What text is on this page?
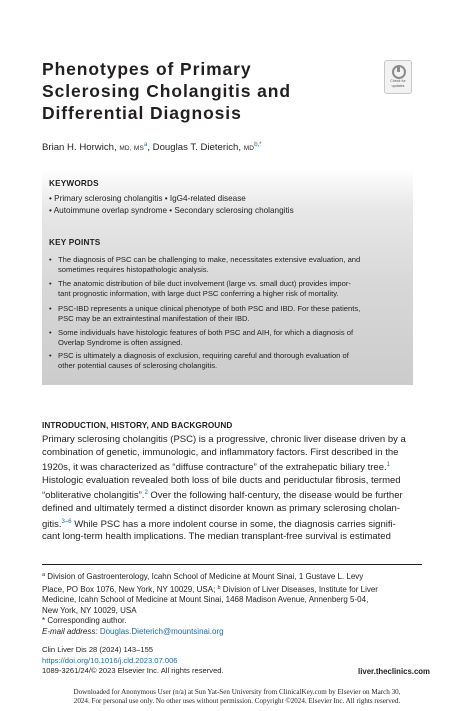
Phenotypes of Primary
Sclerosing Cholangitis and
Differential Diagnosis
Check for
updates
Brian H. Horwich, MD, $MS^a$, Douglas T. Dieterich, $MD^{b,*}$
KEYWORDS
• Primary sclerosing cholangitis • IgG4-related disease
• Autoimmune overlap syndrome • Secondary sclerosing cholangitis
KEY POINTS
• The diagnosis of PSC can be challenging to make, necessitates extensive evaluation, and
sometimes requires histopathologic analysis.
• The anatomic distribution of bile duct involvement (large vs. small duct) provides impor-
tant prognostic information, with large duct PSC conferring a higher risk of mortality.
• PSC-IBD represents a unique clinical phenotype of both PSC and IBD. For these patients,
PSC may be an extraintestinal manifestation of their IBD.
• Some individuals have histologic features of both PSC and AIH, for which a diagnosis of
Overlap Syndrome is often assigned.
• PSC is ultimately a diagnosis of exclusion, requiring careful and thorough evaluation of
other potential causes of sclerosing cholangitis.
INTRODUCTION, HISTORY, AND BACKGROUND
Primary sclerosing cholangitis (PSC) is a progressive, chronic liver disease driven by a
combination of genetic, immunologic, and inflammatory factors. First described in the
1920s, it was characterized as “diffuse contracture” of the extrahepatic biliary tree.$^1$
Histologic evaluation revealed both loss of bile ducts and periductular fibrosis, termed
“obliterative cholangitis”.$^2$ Over the following half-century, the disease would be further
defined and ultimately termed a distinct disorder known as primary sclerosing cholan-
gitis.$^{3-6}$ While PSC has a more indolent course in some, the diagnosis carries signifi-
cant long-term health implications. The median transplant-free survival is estimated
$^a$ Division of Gastroenterology, Icahn School of Medicine at Mount Sinai, 1 Gustave L. Levy
Place, PO Box 1076, New York, NY 10029, USA; $^b$ Division of Liver Diseases, Institute for Liver
Medicine, Icahn School of Medicine at Mount Sinai, 1468 Madison Avenue, Annenberg 5-04,
New York, NY 10029, USA
* Corresponding author.
E-mail address: Douglas.Dieterich@mountsinai.org
Clin Liver Dis 28 (2024) 143–155
https://doi.org/10.1016/j.cld.2023.07.006
1089-3261/24/© 2023 Elsevier Inc. All rights reserved.	liver.theclinics.com
Downloaded for Anonymous User (n/a) at Sun Yat-Sen University from ClinicalKey.com by Elsevier on March 30,
2024. For personal use only. No other uses without permission. Copyright ©2024. Elsevier Inc. All rights reserved.
